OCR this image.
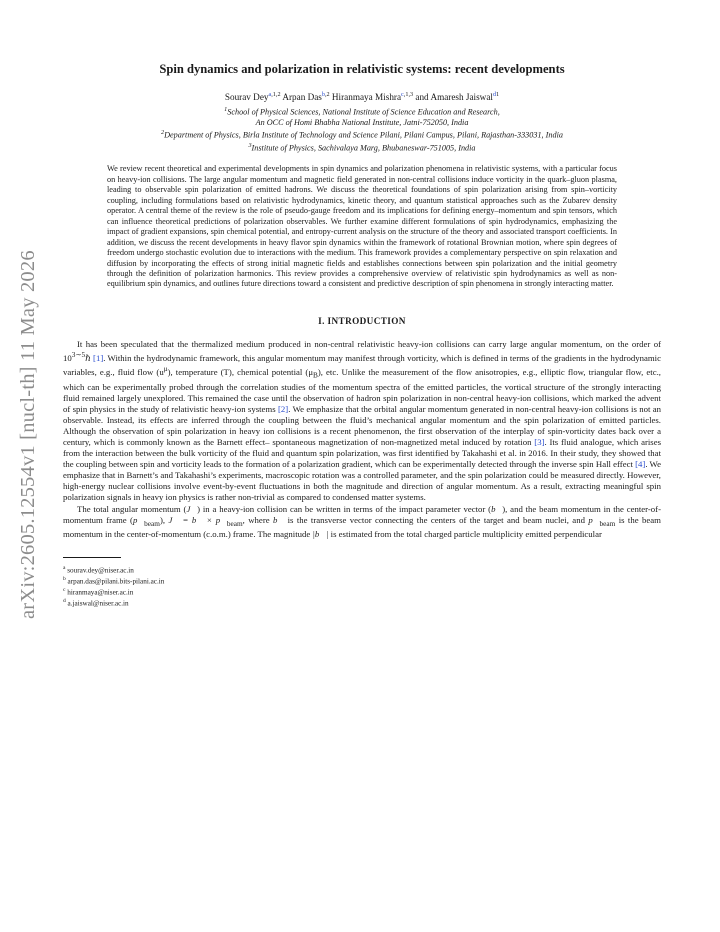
arXiv:2605.12554v1 [nucl-th] 11 May 2026
Spin dynamics and polarization in relativistic systems: recent developments
Sourav Dey$^{a,1,2}$ Arpan Das$^{b,2}$ Hiranmaya Mishra$^{c,1,3}$ and Amaresh Jaiswal$^{d1}$
$^1$School of Physical Sciences, National Institute of Science Education and Research,
An OCC of Homi Bhabha National Institute, Jatni-752050, India
$^2$Department of Physics, Birla Institute of Technology and Science Pilani, Pilani Campus, Pilani, Rajasthan-333031, India
$^3$Institute of Physics, Sachivalaya Marg, Bhubaneswar-751005, India
We review recent theoretical and experimental developments in spin dynamics and polarization phenomena in relativistic systems, with a particular focus on heavy-ion collisions. The large angular momentum and magnetic field generated in non-central collisions induce vorticity in the quark–gluon plasma, leading to observable spin polarization of emitted hadrons. We discuss the theoretical foundations of spin polarization arising from spin–vorticity coupling, including formulations based on relativistic hydrodynamics, kinetic theory, and quantum statistical approaches such as the Zubarev density operator. A central theme of the review is the role of pseudo-gauge freedom and its implications for defining energy–momentum and spin tensors, which can influence theoretical predictions of polarization observables. We further examine different formulations of spin hydrodynamics, emphasizing the impact of gradient expansions, spin chemical potential, and entropy-current analysis on the structure of the theory and associated transport coefficients. In addition, we discuss the recent developments in heavy flavor spin dynamics within the framework of rotational Brownian motion, where spin degrees of freedom undergo stochastic evolution due to interactions with the medium. This framework provides a complementary perspective on spin relaxation and diffusion by incorporating the effects of strong initial magnetic fields and establishes connections between spin polarization and the initial geometry through the definition of polarization harmonics. This review provides a comprehensive overview of relativistic spin hydrodynamics as well as non-equilibrium spin dynamics, and outlines future directions toward a consistent and predictive description of spin phenomena in strongly interacting matter.
I. INTRODUCTION

It has been speculated that the thermalized medium produced in non-central relativistic heavy-ion collisions can carry large angular momentum, on the order of $10^{3\sim 5}\hbar$ [1]. Within the hydrodynamic framework, this angular momentum may manifest through vorticity, which is defined in terms of the gradients in the hydrodynamic variables, e.g., fluid flow $(u^\mu)$, temperature (T), chemical potential $(\mu_B)$, etc. Unlike the measurement of the flow anisotropies, e.g., elliptic flow, triangular flow, etc., which can be experimentally probed through the correlation studies of the momentum spectra of the emitted particles, the vortical structure of the strongly interacting fluid remained largely unexplored. This remained the case until the observation of hadron spin polarization in non-central heavy-ion collisions, which marked the advent of spin physics in the study of relativistic heavy-ion systems [2]. We emphasize that the orbital angular momentum generated in non-central heavy-ion collisions is not an observable. Instead, its effects are inferred through the coupling between the fluid’s mechanical angular momentum and the spin polarization of emitted particles. Although the observation of spin polarization in heavy ion collisions is a recent phenomenon, the first observation of the interplay of spin-vorticity dates back over a century, which is commonly known as the Barnett effect– spontaneous magnetization of non-magnetized metal induced by rotation [3]. Its fluid analogue, which arises from the interaction between the bulk vorticity of the fluid and quantum spin polarization, was first identified by Takahashi et al. in 2016. In their study, they showed that the coupling between spin and vorticity leads to the formation of a polarization gradient, which can be experimentally detected through the inverse spin Hall effect [4]. We emphasize that in Barnett’s and Takahashi’s experiments, macroscopic rotation was a controlled parameter, and the spin polarization could be measured directly. However, high-energy nuclear collisions involve event-by-event fluctuations in both the magnitude and direction of angular momentum. As a result, extracting meaningful spin polarization signals in heavy ion physics is rather non-trivial as compared to condensed matter systems.

The total angular momentum (J⃗) in a heavy-ion collision can be written in terms of the impact parameter vector (b⃗), and the beam momentum in the center-of-momentum frame $(p⃗_{beam})$, J⃗ = b⃗ × $p⃗_{beam}$, where b⃗ is the transverse vector connecting the centers of the target and beam nuclei, and $p⃗_{beam}$ is the beam momentum in the center-of-momentum (c.o.m.) frame. The magnitude |b⃗| is estimated from the total charged particle multiplicity emitted perpendicular

$^a$ sourav.dey@niser.ac.in
$^b$ arpan.das@pilani.bits-pilani.ac.in
$^c$ hiranmaya@niser.ac.in
$^d$ a.jaiswal@niser.ac.in
